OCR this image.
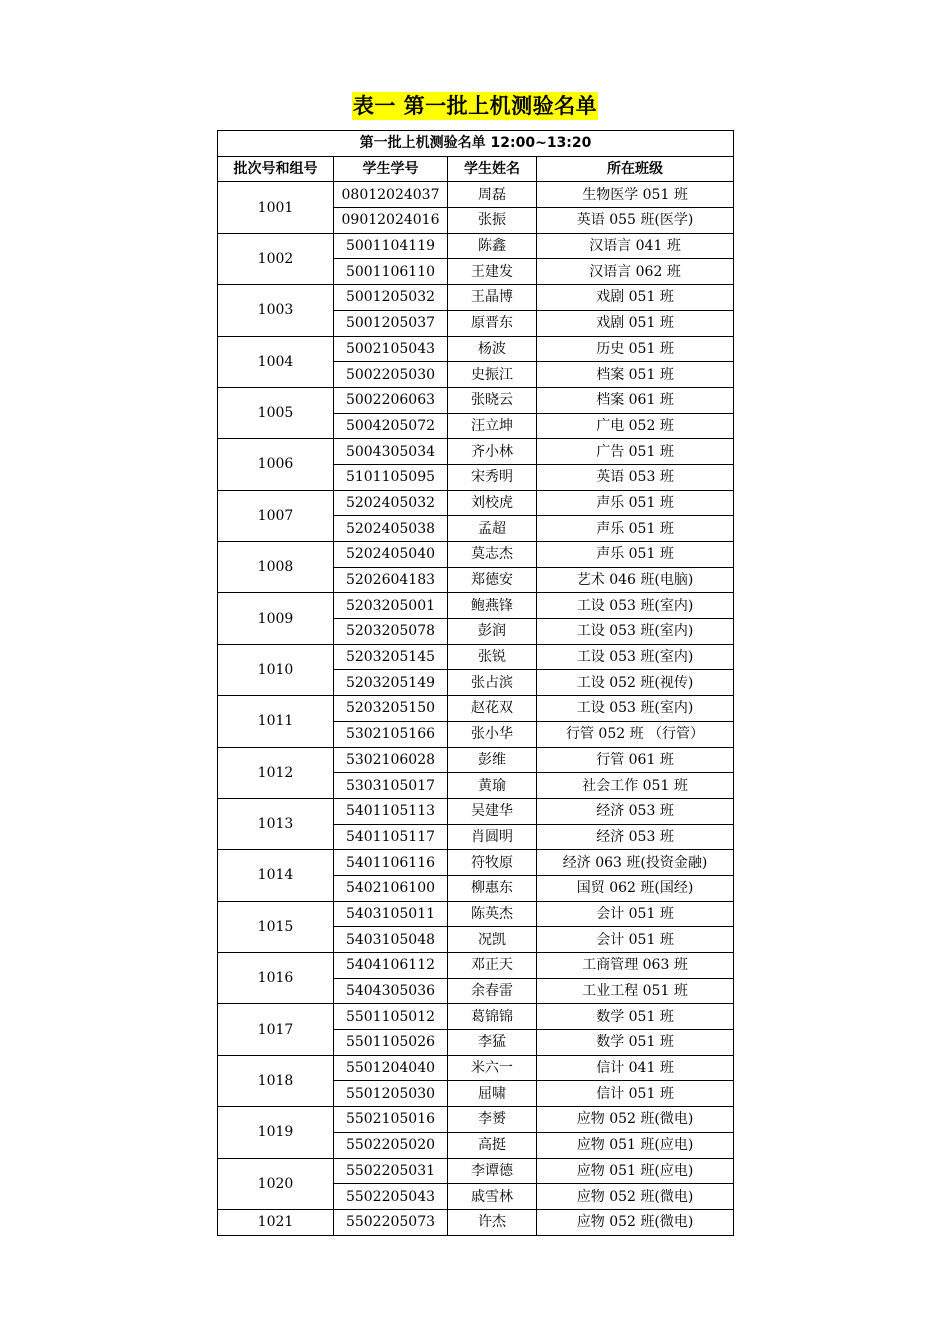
表一 第一批上机测验名单
第一批上机测验名单 12:00~13:20			
批次号和组号	学生学号	学生姓名	所在班级
1001	08012024037	周磊	生物医学 051 班
	09012024016	张振	英语 055 班(医学)
1002	5001104119	陈鑫	汉语言 041 班
	5001106110	王建发	汉语言 062 班
1003	5001205032	王晶博	戏剧 051 班
	5001205037	原晋东	戏剧 051 班
1004	5002105043	杨波	历史 051 班
	5002205030	史振江	档案 051 班
1005	5002206063	张晓云	档案 061 班
	5004205072	汪立坤	广电 052 班
1006	5004305034	齐小林	广告 051 班
	5101105095	宋秀明	英语 053 班
1007	5202405032	刘校虎	声乐 051 班
	5202405038	孟超	声乐 051 班
1008	5202405040	莫志杰	声乐 051 班
	5202604183	郑德安	艺术 046 班(电脑)
1009	5203205001	鲍燕锋	工设 053 班(室内)
	5203205078	彭润	工设 053 班(室内)
1010	5203205145	张锐	工设 053 班(室内)
	5203205149	张占滨	工设 052 班(视传)
1011	5203205150	赵花双	工设 053 班(室内)
	5302105166	张小华	行管 052 班 （行管）
1012	5302106028	彭维	行管 061 班
	5303105017	黄瑜	社会工作 051 班
1013	5401105113	吴建华	经济 053 班
	5401105117	肖圆明	经济 053 班
1014	5401106116	符牧原	经济 063 班(投资金融)
	5402106100	柳惠东	国贸 062 班(国经)
1015	5403105011	陈英杰	会计 051 班
	5403105048	况凯	会计 051 班
1016	5404106112	邓正天	工商管理 063 班
	5404305036	余春雷	工业工程 051 班
1017	5501105012	葛锦锦	数学 051 班
	5501105026	李猛	数学 051 班
1018	5501204040	米六一	信计 041 班
	5501205030	屈啸	信计 051 班
1019	5502105016	李赟	应物 052 班(微电)
	5502205020	高挺	应物 051 班(应电)
1020	5502205031	李谭德	应物 051 班(应电)
	5502205043	戚雪林	应物 052 班(微电)
1021	5502205073	许杰	应物 052 班(微电)
